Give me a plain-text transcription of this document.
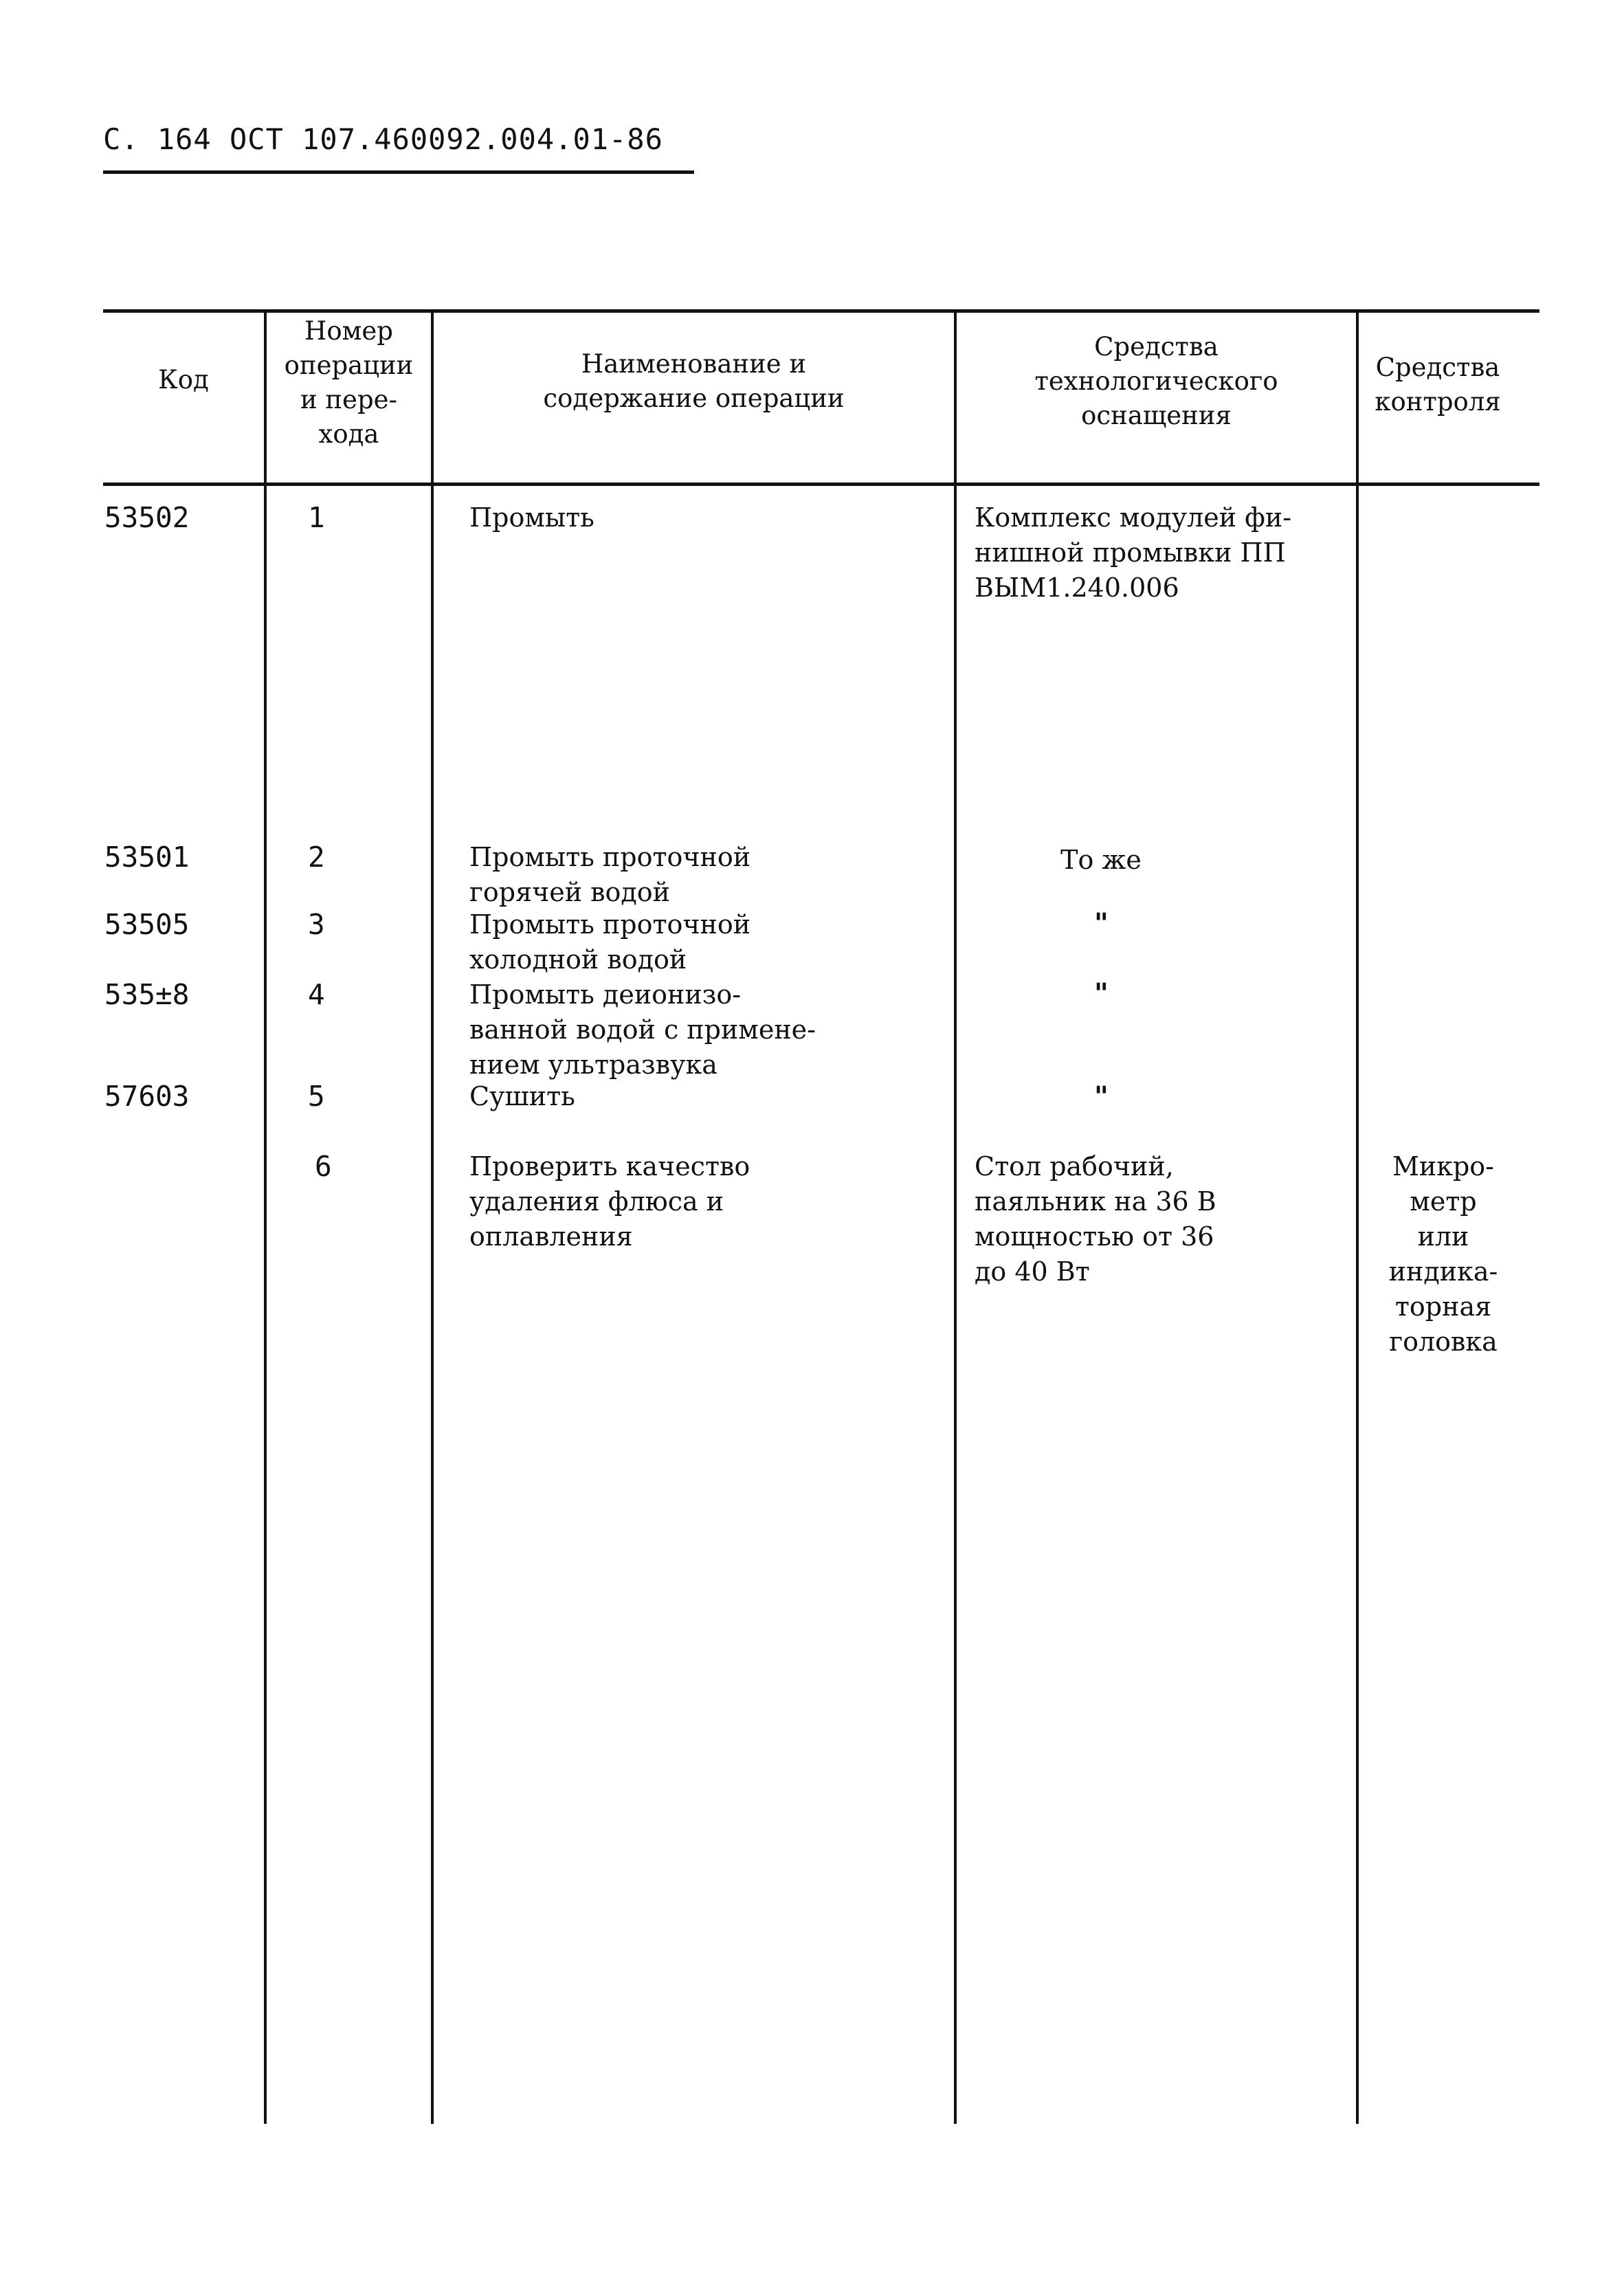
С. 164 ОСТ 107.460092.004.01-86
Код
Номер
операции
и пере-
хода
Наименование и
содержание операции
Средства
технологического
оснащения
Средства
контроля
53502	1	Промыть	Комплекс модулей фи-
нишной промывки ПП
ВЫМ1.240.006
53501	2	Промыть проточной
горячей водой
То же
53505	3	Промыть проточной
холодной водой
"
535±8	4	Промыть деионизо-
ванной водой с примене-
нием ультразвука
"
57603	5	Сушить	"
6	Проверить качество
удаления флюса и
оплавления
Стол рабочий,
паяльник на 36 В
мощностью от 36
до 40 Вт
Микро-
метр
или
индика-
торная
головка
